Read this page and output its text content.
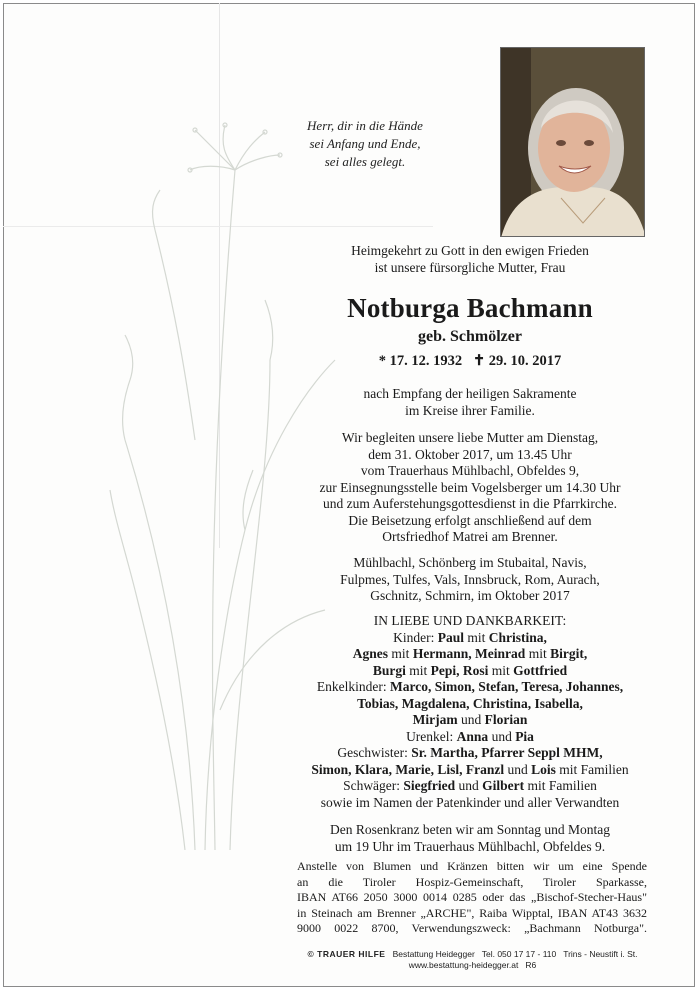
Herr, dir in die Hände
sei Anfang und Ende,
sei alles gelegt.
Heimgekehrt zu Gott in den ewigen Frieden
ist unsere fürsorgliche Mutter, Frau
Notburga Bachmann
geb. Schmölzer
* 17. 12. 1932   ✝ 29. 10. 2017
nach Empfang der heiligen Sakramente
im Kreise ihrer Familie.
Wir begleiten unsere liebe Mutter am Dienstag,
dem 31. Oktober 2017, um 13.45 Uhr
vom Trauerhaus Mühlbachl, Obfeldes 9,
zur Einsegnungsstelle beim Vogelsberger um 14.30 Uhr
und zum Auferstehungsgottesdienst in die Pfarrkirche.
Die Beisetzung erfolgt anschließend auf dem
Ortsfriedhof Matrei am Brenner.
Mühlbachl, Schönberg im Stubaital, Navis,
Fulpmes, Tulfes, Vals, Innsbruck, Rom, Aurach,
Gschnitz, Schmirn, im Oktober 2017
IN LIEBE UND DANKBARKEIT:
Kinder: Paul mit Christina,
Agnes mit Hermann, Meinrad mit Birgit,
Burgi mit Pepi, Rosi mit Gottfried
Enkelkinder: Marco, Simon, Stefan, Teresa, Johannes,
Tobias, Magdalena, Christina, Isabella,
Mirjam und Florian
Urenkel: Anna und Pia
Geschwister: Sr. Martha, Pfarrer Seppl MHM,
Simon, Klara, Marie, Lisl, Franzl und Lois mit Familien
Schwäger: Siegfried und Gilbert mit Familien
sowie im Namen der Patenkinder und aller Verwandten
Den Rosenkranz beten wir am Sonntag und Montag
um 19 Uhr im Trauerhaus Mühlbachl, Obfeldes 9.
Anstelle von Blumen und Kränzen bitten wir um eine Spende
an die Tiroler Hospiz-Gemeinschaft, Tiroler Sparkasse,
IBAN AT66 2050 3000 0014 0285 oder das „Bischof-Stecher-Haus"
in Steinach am Brenner „ARCHE", Raiba Wipptal, IBAN AT43 3632
9000 0022 8700, Verwendungszweck: „Bachmann Notburga".
© TRAUER HILFE Bestattung Heidegger Tel. 050 17 17 - 110 Trins - Neustift i. St.
www.bestattung-heidegger.at R6
